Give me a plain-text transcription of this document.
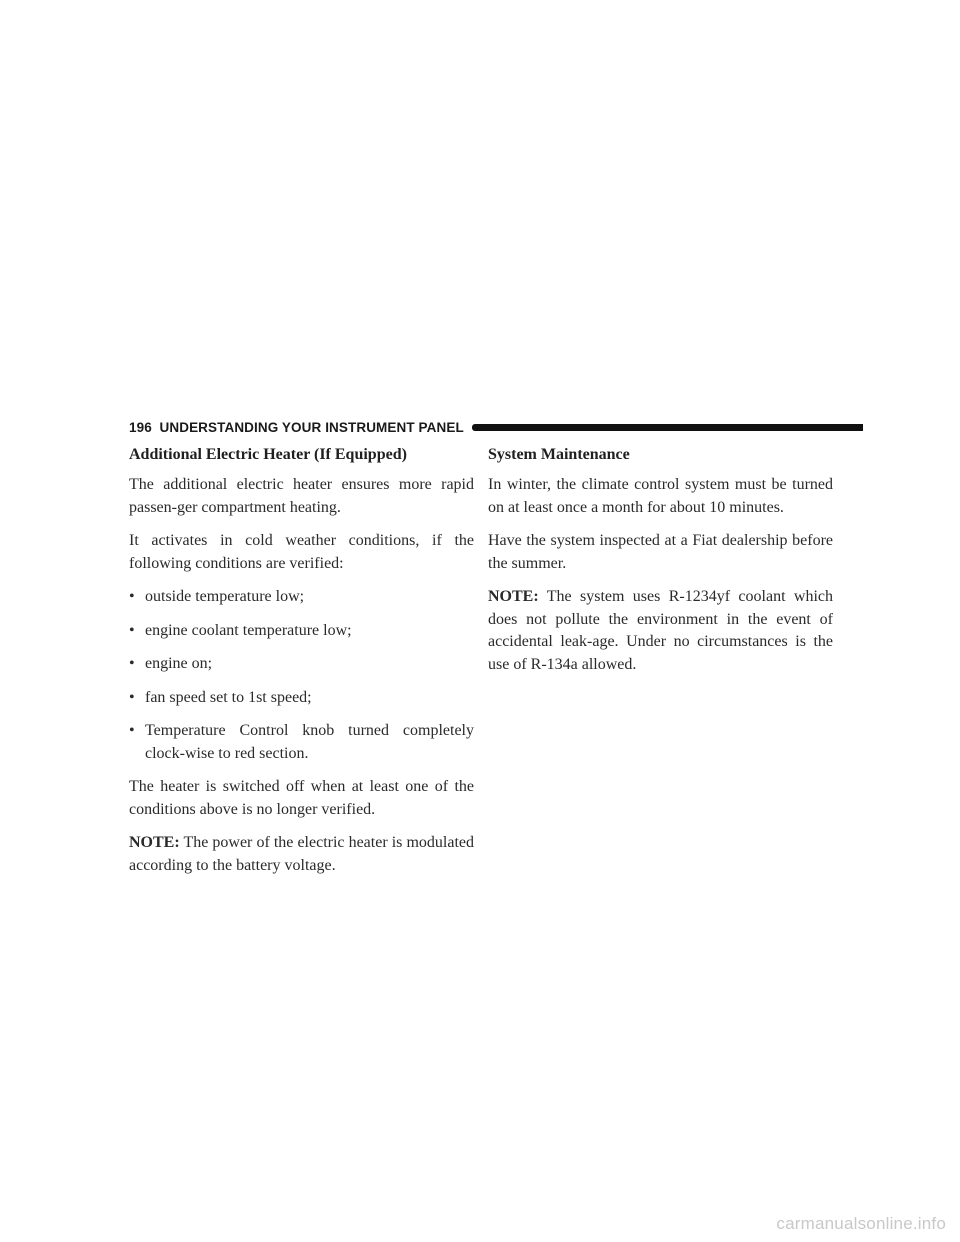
196 UNDERSTANDING YOUR INSTRUMENT PANEL
Additional Electric Heater (If Equipped)

The additional electric heater ensures more rapid passen-ger compartment heating.

It activates in cold weather conditions, if the following conditions are verified:

• outside temperature low;
• engine coolant temperature low;
• engine on;
• fan speed set to 1st speed;
• Temperature Control knob turned completely clock-wise to red section.

The heater is switched off when at least one of the conditions above is no longer verified.

NOTE: The power of the electric heater is modulated according to the battery voltage.

System Maintenance

In winter, the climate control system must be turned on at least once a month for about 10 minutes.

Have the system inspected at a Fiat dealership before the summer.

NOTE: The system uses R-1234yf coolant which does not pollute the environment in the event of accidental leak-age. Under no circumstances is the use of R-134a allowed.

carmanualsonline.info
